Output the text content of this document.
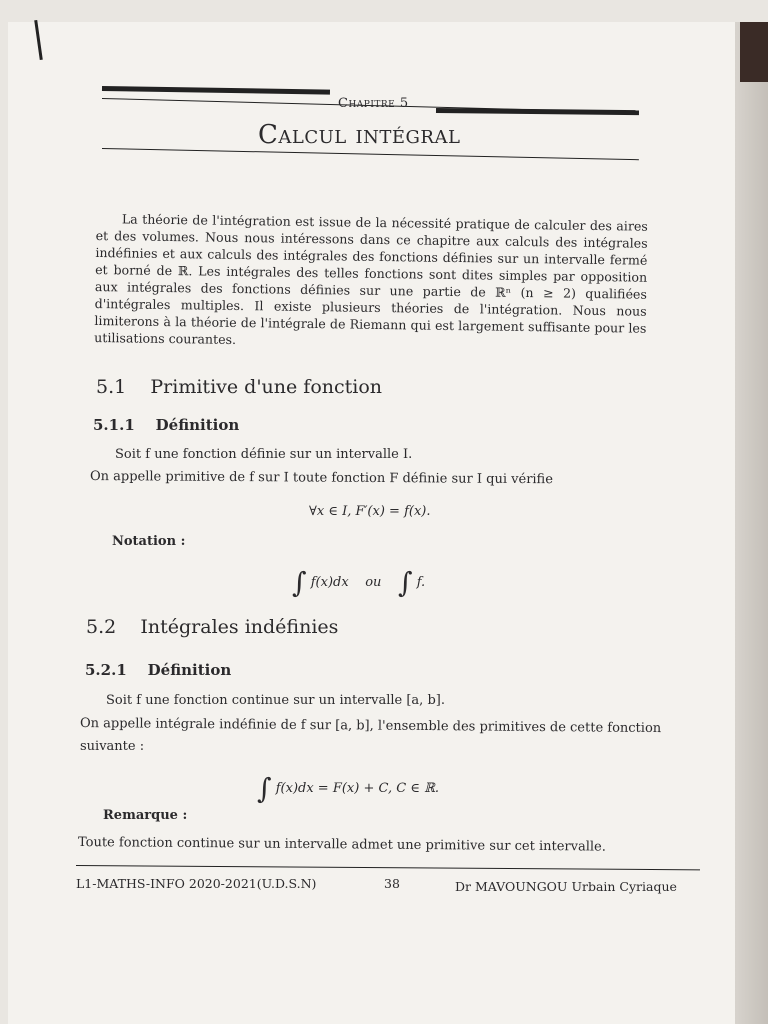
Chapitre 5
Calcul intégral
La théorie de l'intégration est issue de la nécessité pratique de calculer des aires et des volumes. Nous nous intéressons dans ce chapitre aux calculs des intégrales indéfinies et aux calculs des intégrales des fonctions définies sur un intervalle fermé et borné de ℝ. Les intégrales des telles fonctions sont dites simples par opposition aux intégrales des fonctions définies sur une partie de ℝⁿ (n ≥ 2) qualifiées d'intégrales multiples. Il existe plusieurs théories de l'intégration. Nous nous limiterons à la théorie de l'intégrale de Riemann qui est largement suffisante pour les utilisations courantes.
5.1 Primitive d'une fonction
5.1.1 Définition
Soit f une fonction définie sur un intervalle I.
On appelle primitive de f sur I toute fonction F définie sur I qui vérifie
∀x ∈ I, F′(x) = f(x).
Notation :
∫ f(x)dx ou ∫ f.
5.2 Intégrales indéfinies
5.2.1 Définition
Soit f une fonction continue sur un intervalle [a, b].
On appelle intégrale indéfinie de f sur [a, b], l'ensemble des primitives de cette fonction
suivante :
∫ f(x)dx = F(x) + C, C ∈ ℝ.
Remarque :
Toute fonction continue sur un intervalle admet une primitive sur cet intervalle.
L1-MATHS-INFO 2020-2021(U.D.S.N)	38	Dr MAVOUNGOU Urbain Cyriaque
